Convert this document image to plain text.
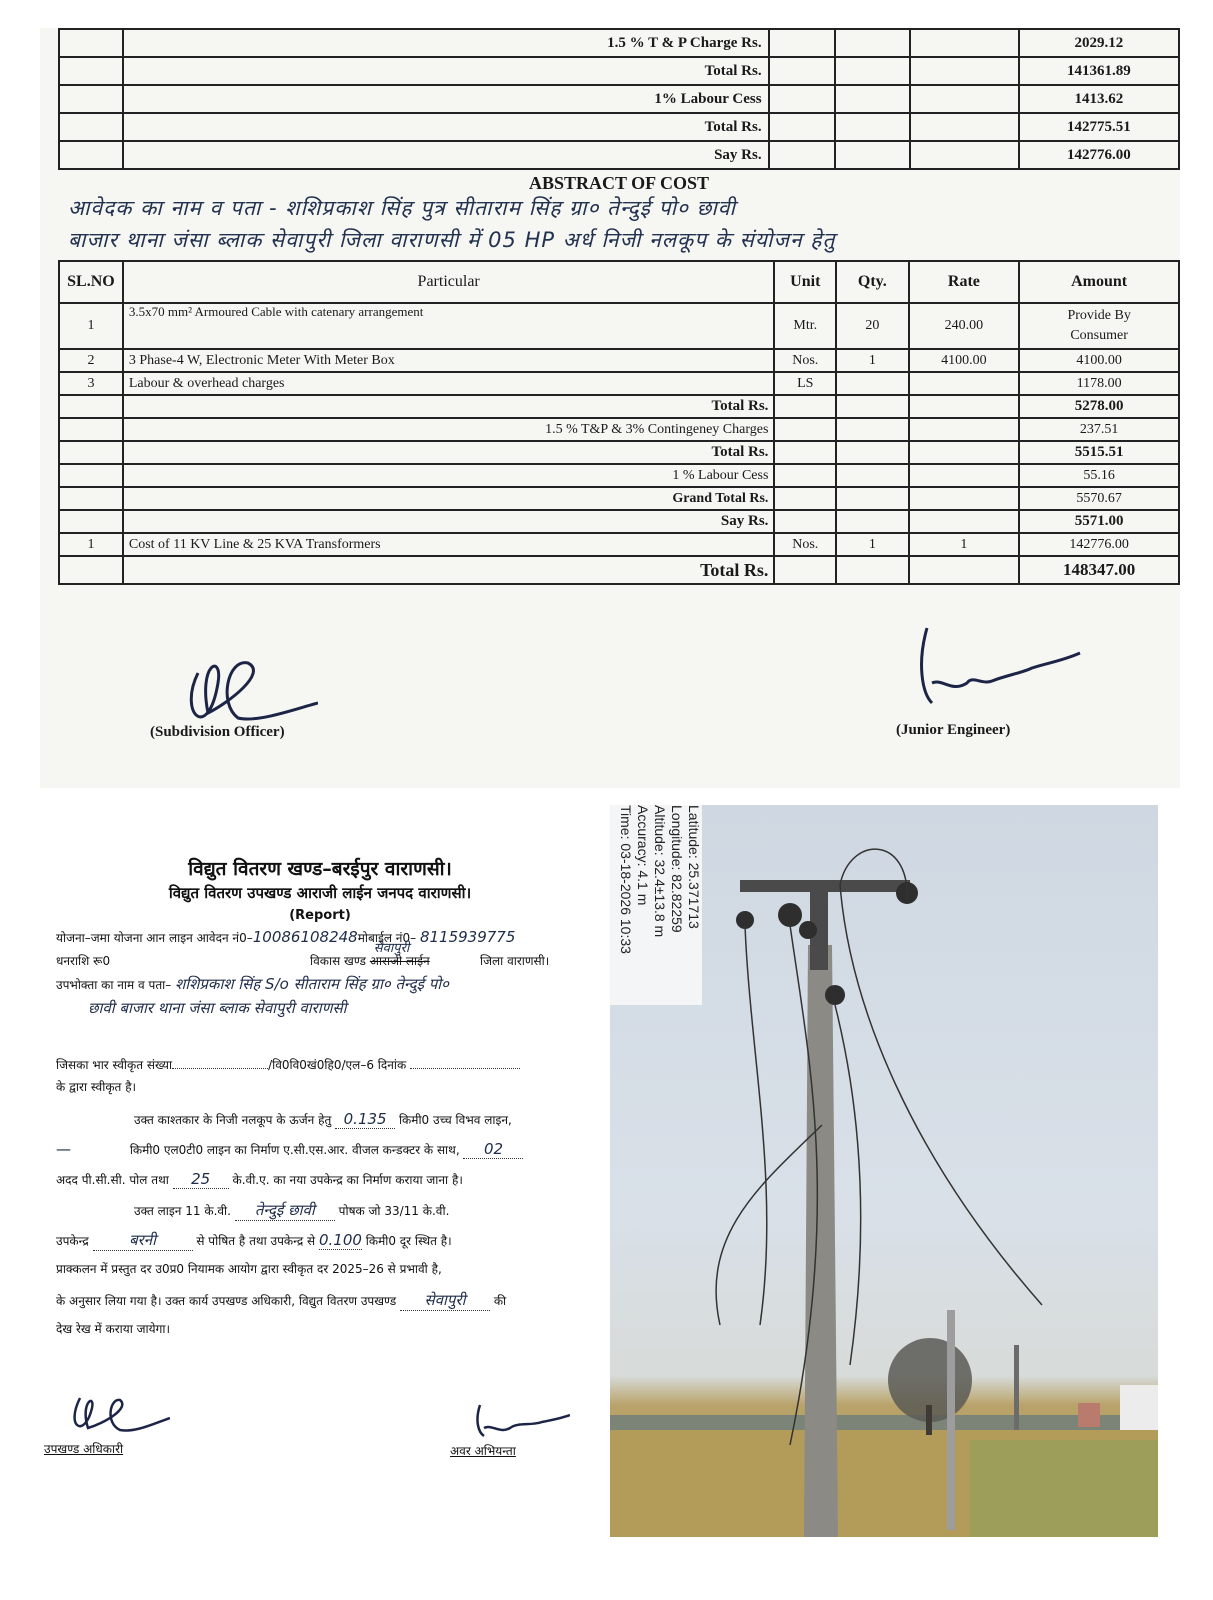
	1.5 % T & P Charge Rs.				2029.12
	Total Rs.				141361.89
	1% Labour Cess				1413.62
	Total Rs.				142775.51
	Say Rs.				142776.00
ABSTRACT OF COST
आवेदक का नाम व पता - शशिप्रकाश सिंह पुत्र सीताराम सिंह ग्रा० तेन्दुई पो० छावी
बाजार थाना जंसा ब्लाक सेवापुरी जिला वाराणसी में 05 HP अर्ध निजी नलकूप के संयोजन हेतु
SL.NO	Particular	Unit	Qty.	Rate	Amount
1	3.5x70 mm² Armoured Cable with catenary arrangement	Mtr.	20	240.00	Provide By
Consumer

2	3 Phase-4 W, Electronic Meter With Meter Box	Nos.	1	4100.00	4100.00
3	Labour & overhead charges	LS			1178.00
	Total Rs.				5278.00
	1.5 % T&P & 3% Contingeney Charges				237.51
	Total Rs.				5515.51
	1 % Labour Cess				55.16
	Grand Total Rs.				5570.67
	Say Rs.				5571.00
1	Cost of 11 KV Line & 25 KVA Transformers	Nos.	1	1	142776.00
	Total Rs.				148347.00
(Subdivision Officer)	(Junior Engineer)
विद्युत वितरण खण्ड–बरईपुर वाराणसी।
विद्युत वितरण उपखण्ड आराजी लाईन जनपद वाराणसी।
(Report)
योजना–जमा योजना आन लाइन आवेदन नं0–10086108248मोबाईल नं0– 8115939775
धनराशि रू0	विकास खण्ड
सेवापुरी
आराजी लाईन	जिला वाराणसी।
उपभोक्ता का नाम व पता– शशिप्रकाश सिंह S/o सीताराम सिंह ग्रा० तेन्दुई पो०
छावी बाजार थाना जंसा ब्लाक सेवापुरी वाराणसी
जिसका भार स्वीकृत संख्या	/वि0वि0खं0हि0/एल–6 दिनांक
के द्वारा स्वीकृत है।
उक्त काश्तकार के निजी नलकूप के ऊर्जन हेतु 0.135 किमी0 उच्च विभव लाइन,
—	किमी0 एल0टी0 लाइन का निर्माण ए.सी.एस.आर. वीजल कन्डक्टर के साथ, 02
अदद पी.सी.सी. पोल तथा 25 के.वी.ए. का नया उपकेन्द्र का निर्माण कराया जाना है।
उक्त लाइन 11 के.वी. तेन्दुई छावी पोषक जो 33/11 के.वी.
उपकेन्द्र	बरनी	से पोषित है तथा उपकेन्द्र से 0.100 किमी0 दूर स्थित है।
प्राक्कलन में प्रस्तुत दर उ0प्र0 नियामक आयोग द्वारा स्वीकृत दर 2025–26 से प्रभावी है,
के अनुसार लिया गया है। उक्त कार्य उपखण्ड अधिकारी, विद्युत वितरण उपखण्ड सेवापुरी की
देख रेख में कराया जायेगा।
उपखण्ड अधिकारी	अवर अभियन्ता
Latitude: 25.371713
Longitude: 82.82259
Altitude: 32.4±13.8 m
Accuracy: 4.1 m
Time: 03-18-2026 10:33
